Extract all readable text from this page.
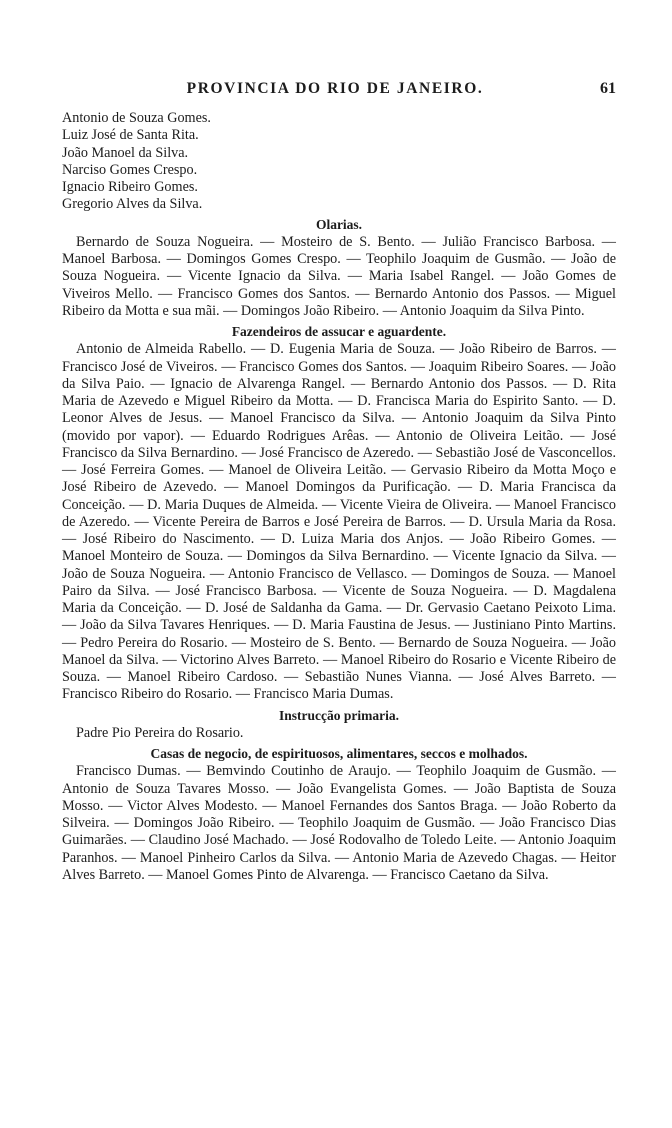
PROVINCIA DO RIO DE JANEIRO.	61

Antonio de Souza Gomes.

Luiz José de Santa Rita.

João Manoel da Silva.

Narciso Gomes Crespo.

Ignacio Ribeiro Gomes.

Gregorio Alves da Silva.

Olarias.

Bernardo de Souza Nogueira. — Mosteiro de S. Bento. — Julião Francisco Barbosa. — Manoel Barbosa. — Domingos Gomes Crespo. — Teophilo Joaquim de Gusmão. — João de Souza Nogueira. — Vicente Ignacio da Silva. — Maria Isabel Rangel. — João Gomes de Viveiros Mello. — Francisco Gomes dos Santos. — Bernardo Antonio dos Passos. — Miguel Ribeiro da Motta e sua mãi. — Domingos João Ribeiro. — Antonio Joaquim da Silva Pinto.

Fazendeiros de assucar e aguardente.

Antonio de Almeida Rabello. — D. Eugenia Maria de Souza. — João Ribeiro de Barros. — Francisco José de Viveiros. — Francisco Gomes dos Santos. — Joaquim Ribeiro Soares. — João da Silva Paio. — Ignacio de Alvarenga Rangel. — Bernardo Antonio dos Passos. — D. Rita Maria de Azevedo e Miguel Ribeiro da Motta. — D. Francisca Maria do Espirito Santo. — D. Leonor Alves de Jesus. — Manoel Francisco da Silva. — Antonio Joaquim da Silva Pinto (movido por vapor). — Eduardo Rodrigues Arêas. — Antonio de Oliveira Leitão. — José Francisco da Silva Bernardino. — José Francisco de Azeredo. — Sebastião José de Vasconcellos. — José Ferreira Gomes. — Manoel de Oliveira Leitão. — Gervasio Ribeiro da Motta Moço e José Ribeiro de Azevedo. — Manoel Domingos da Purificação. — D. Maria Francisca da Conceição. — D. Maria Duques de Almeida. — Vicente Vieira de Oliveira. — Manoel Francisco de Azeredo. — Vicente Pereira de Barros e José Pereira de Barros. — D. Ursula Maria da Rosa. — José Ribeiro do Nascimento. — D. Luiza Maria dos Anjos. — João Ribeiro Gomes. — Manoel Monteiro de Souza. — Domingos da Silva Bernardino. — Vicente Ignacio da Silva. — João de Souza Nogueira. — Antonio Francisco de Vellasco. — Domingos de Souza. — Manoel Pairo da Silva. — José Francisco Barbosa. — Vicente de Souza Nogueira. — D. Magdalena Maria da Conceição. — D. José de Saldanha da Gama. — Dr. Gervasio Caetano Peixoto Lima. — João da Silva Tavares Henriques. — D. Maria Faustina de Jesus. — Justiniano Pinto Martins. — Pedro Pereira do Rosario. — Mosteiro de S. Bento. — Bernardo de Souza Nogueira. — João Manoel da Silva. — Victorino Alves Barreto. — Manoel Ribeiro do Rosario e Vicente Ribeiro de Souza. — Manoel Ribeiro Cardoso. — Sebastião Nunes Vianna. — José Alves Barreto. — Francisco Ribeiro do Rosario. — Francisco Maria Dumas.

Instrucção primaria.

Padre Pio Pereira do Rosario.

Casas de negocio, de espirituosos, alimentares, seccos e molhados.

Francisco Dumas. — Bemvindo Coutinho de Araujo. — Teophilo Joaquim de Gusmão. — Antonio de Souza Tavares Mosso. — João Evangelista Gomes. — João Baptista de Souza Mosso. — Victor Alves Modesto. — Manoel Fernandes dos Santos Braga. — João Roberto da Silveira. — Domingos João Ribeiro. — Teophilo Joaquim de Gusmão. — João Francisco Dias Guimarães. — Claudino José Machado. — José Rodovalho de Toledo Leite. — Antonio Joaquim Paranhos. — Manoel Pinheiro Carlos da Silva. — Antonio Maria de Azevedo Chagas. — Heitor Alves Barreto. — Manoel Gomes Pinto de Alvarenga. — Francisco Caetano da Silva.
